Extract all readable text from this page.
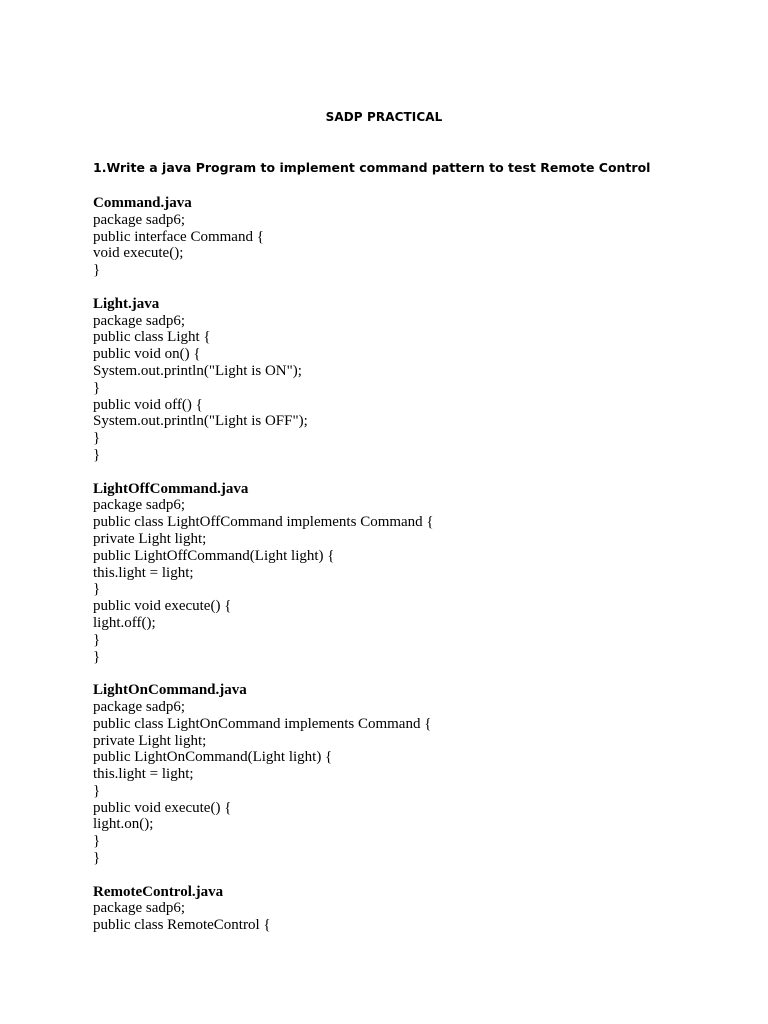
SADP PRACTICAL
1.Write a java Program to implement command pattern to test Remote Control
Command.java
package sadp6;
public interface Command {
void execute();
}
Light.java
package sadp6;
public class Light {
public void on() {
System.out.println("Light is ON");
}
public void off() {
System.out.println("Light is OFF");
}
}
LightOffCommand.java
package sadp6;
public class LightOffCommand implements Command {
private Light light;
public LightOffCommand(Light light) {
this.light = light;
}
public void execute() {
light.off();
}
}
LightOnCommand.java
package sadp6;
public class LightOnCommand implements Command {
private Light light;
public LightOnCommand(Light light) {
this.light = light;
}
public void execute() {
light.on();
}
}
RemoteControl.java
package sadp6;
public class RemoteControl {
